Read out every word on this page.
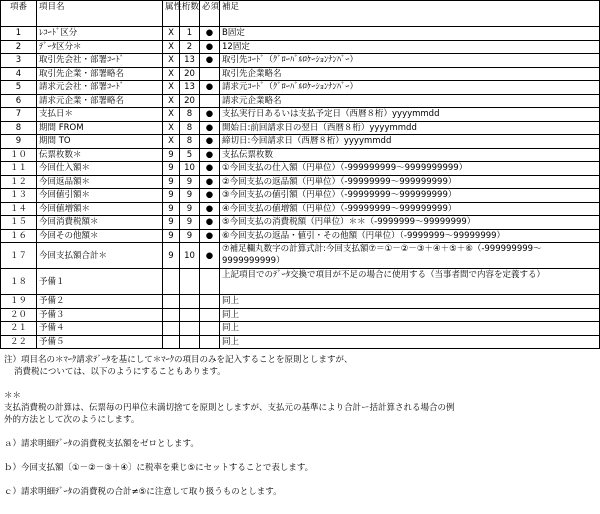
項番	項目名	属性	桁数	必須	補足
1	ﾚｺｰﾄﾞ区分	X	1	●	B固定
2	ﾃﾞｰﾀ区分＊	X	2	●	12固定
3	取引先会社・部署ｺｰﾄﾞ	X	13	●	取引先ｺｰﾄﾞ（ｸﾞﾛｰﾊﾞﾙﾛｹｰｼｮﾝﾅﾝﾊﾞｰ）
4	取引先企業・部署略名	X	20		取引先企業略名
5	請求元会社・部署ｺｰﾄﾞ	X	13	●	請求元ｺｰﾄﾞ（ｸﾞﾛｰﾊﾞﾙﾛｹｰｼｮﾝﾅﾝﾊﾞｰ）
6	請求元企業・部署略名	X	20		請求元企業略名
7	支払日＊	X	8	●	支払実行日あるいは支払予定日（西暦８桁）yyyymmdd
8	期間 FROM	X	8	●	開始日:前回請求日の翌日（西暦８桁）yyyymmdd
9	期間 TO	X	8	●	締切日:今回請求日（西暦８桁）yyyymmdd
１０	伝票枚数＊	9	5	●	支払伝票枚数
１１	今回仕入額＊	9	10	●	①今回支払の仕入額（円単位）（-999999999～9999999999）
１２	今回返品額＊	9	9	●	②今回支払の返品額（円単位）（-99999999～999999999）
１３	今回値引額＊	9	9	●	③今回支払の値引額（円単位）（-99999999～999999999）
１４	今回値増額＊	9	9	●	④今回支払の値増額（円単位）（-99999999～999999999）
１５	今回消費税額＊	9	9	●	⑤今回支払の消費税額（円単位）＊＊（-9999999～99999999）
１６	今回その他額＊	9	9	●	⑥今回支払の返品・値引・その他額（円単位）（-9999999～99999999）
１７	今回支払額合計＊	9	10	●	⑦補足欄丸数字の計算式計:今回支払額⑦＝①－②－③＋④＋⑤＋⑥（-999999999～9999999999）
１８	予備１				上記項目でのﾃﾞｰﾀ交換で項目が不足の場合に使用する（当事者間で内容を定義する）
１９	予備２				同上
２０	予備３				同上
２１	予備４				同上
２２	予備５				同上

注）項目名の＊ﾏｰｸ請求ﾃﾞｰﾀを基にして＊ﾏｰｸの項目のみを記入することを原則としますが、

消費税については、以下のようにすることもあります。

＊＊

支払消費税の計算は、伝票毎の円単位未満切捨てを原則としますが、支払元の基準により合計ー括計算される場合の例

外的方法として次のようにします。

ａ）請求明細ﾃﾞｰﾀの消費税支払額をゼロとします。

ｂ）今回支払額〔①－②－③＋④〕に税率を乗じ⑤にセットすることで表します。

ｃ）請求明細ﾃﾞｰﾀの消費税の合計≠⑤に注意して取り扱うものとします。
